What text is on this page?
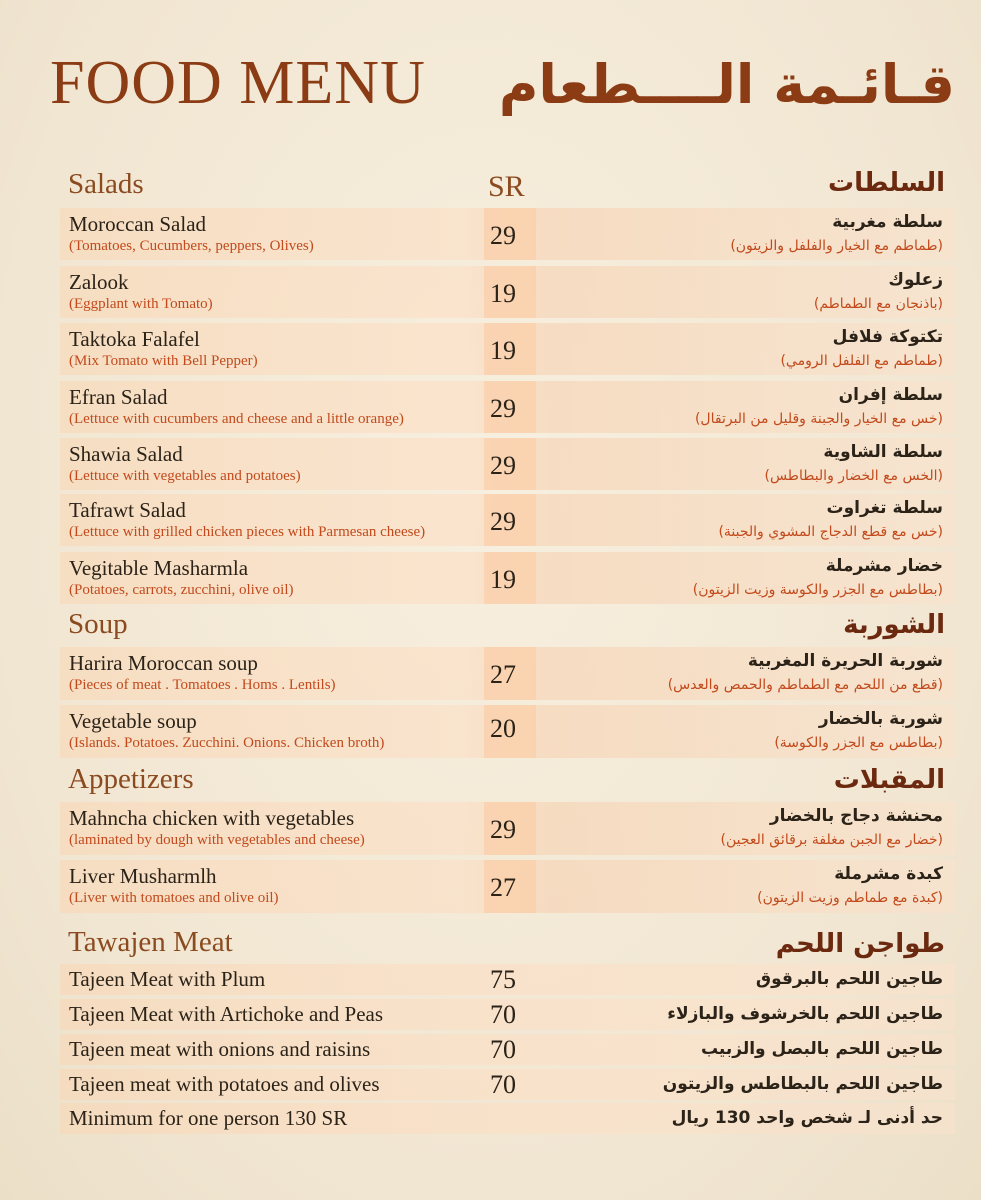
FOOD MENU قـائـمة الــــطعام
Salads	SR	السلطات
Moroccan Salad
(Tomatoes, Cucumbers, peppers, Olives)	29	سلطة مغربية
(طماطم مع الخيار والفلفل والزيتون)
Zalook
(Eggplant with Tomato)	19	زعلوك
(باذنجان مع الطماطم)
Taktoka Falafel
(Mix Tomato with Bell Pepper)	19	تكتوكة فلافل
(طماطم مع الفلفل الرومي)
Efran Salad
(Lettuce with cucumbers and cheese and a little orange)	29	سلطة إفران
(خس مع الخيار والجبنة وقليل من البرتقال)
Shawia Salad
(Lettuce with vegetables and potatoes)	29	سلطة الشاوية
(الخس مع الخضار والبطاطس)
Tafrawt Salad
(Lettuce with grilled chicken pieces with Parmesan cheese) 29	سلطة تغراوت
(خس مع قطع الدجاج المشوي والجبنة)
Vegitable Masharmla
(Potatoes, carrots, zucchini, olive oil)	19	خضار مشرملة
(بطاطس مع الجزر والكوسة وزيت الزيتون)
Soup	الشوربة
Harira Moroccan soup
(Pieces of meat . Tomatoes . Homs . Lentils)	27	شوربة الحريرة المغربية
(قطع من اللحم مع الطماطم والحمص والعدس)
Vegetable soup
(Islands. Potatoes. Zucchini. Onions. Chicken broth)	20	شوربة بالخضار
(بطاطس مع الجزر والكوسة)
Appetizers	المقبلات
Mahncha chicken with vegetables
(laminated by dough with vegetables and cheese)	29	محنشة دجاج بالخضار
(خضار مع الجبن مغلفة برقائق العجين)
Liver Musharmlh
(Liver with tomatoes and olive oil)	27	كبدة مشرملة
(كبدة مع طماطم وزيت الزيتون)
Tawajen Meat	طواجن اللحم
Tajeen Meat with Plum	75	طاجين اللحم بالبرقوق
Tajeen Meat with Artichoke and Peas	70	طاجين اللحم بالخرشوف والبازلاء
Tajeen meat with onions and raisins	70	طاجين اللحم بالبصل والزبيب
Tajeen meat with potatoes and olives	70	طاجين اللحم بالبطاطس والزيتون
Minimum for one person 130 SR	حد أدنى لـ شخص واحد 130 ريال
